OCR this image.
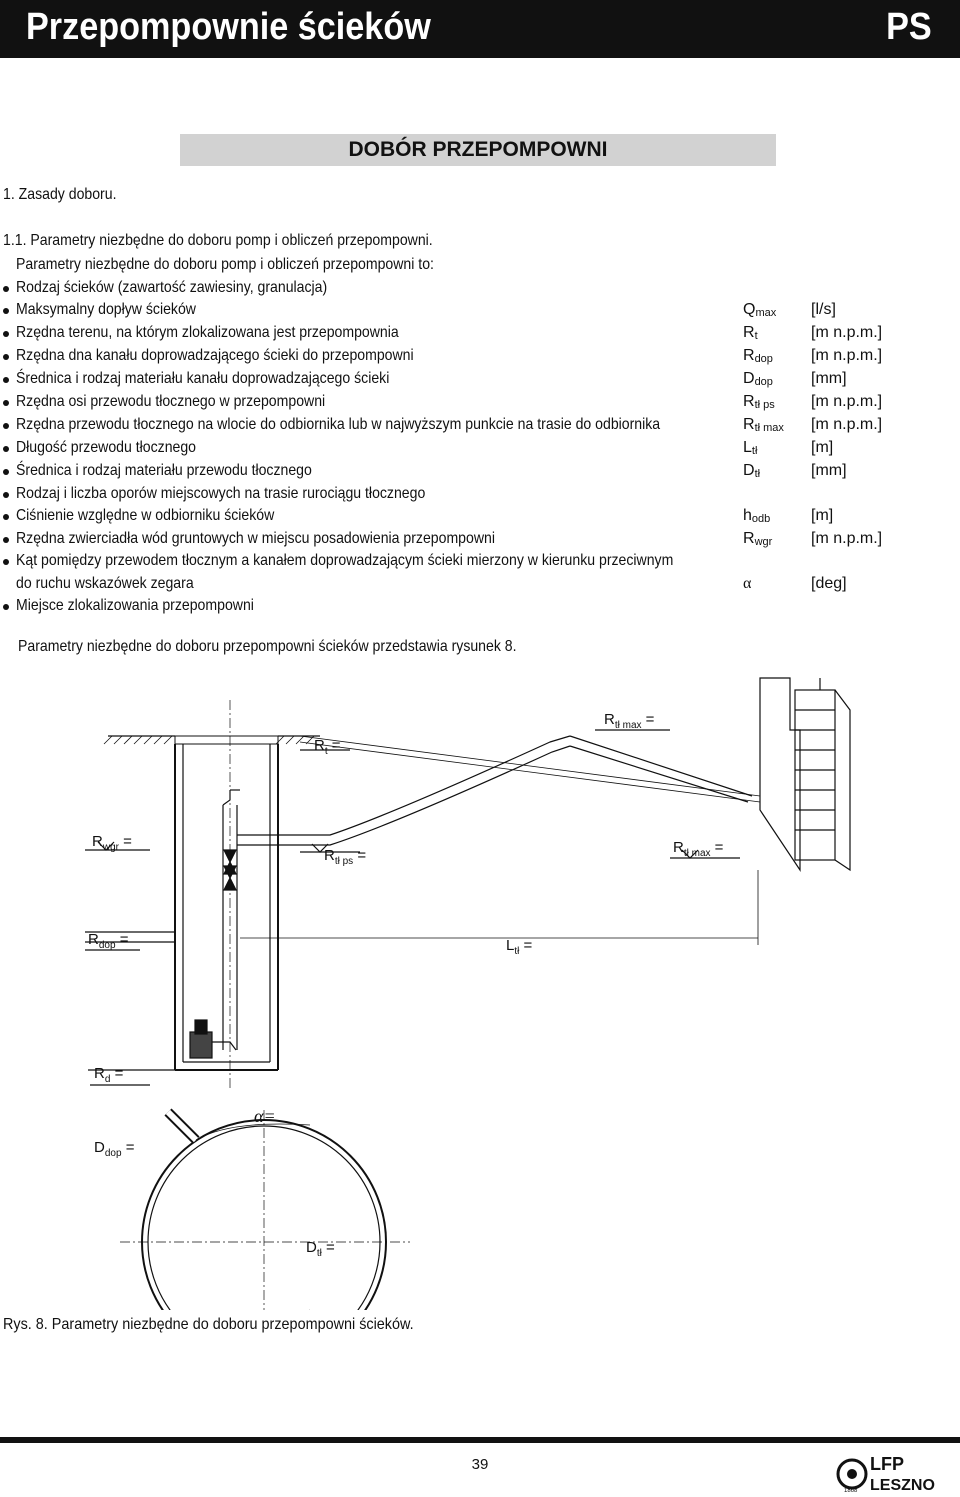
Przepompownie ścieków	PS
DOBÓR PRZEPOMPOWNI
1. Zasady doboru.
1.1. Parametry niezbędne do doboru pomp i obliczeń przepompowni.
Parametry niezbędne do doboru pomp i obliczeń przepompowni to:
Rodzaj ścieków (zawartość zawiesiny, granulacja)
Maksymalny dopływ ścieków	$Q_{max}$ [l/s]
Rzędna terenu, na którym zlokalizowana jest przepompownia	$R_t$	[m n.p.m.]
Rzędna dna kanału doprowadzającego ścieki do przepompowni	$R_{dop}$ [m n.p.m.]
Średnica i rodzaj materiału kanału doprowadzającego ścieki	$D_{dop}$ [mm]
Rzędna osi przewodu tłocznego w przepompowni	$R_{tł ps}$ [m n.p.m.]
Rzędna przewodu tłocznego na wlocie do odbiornika lub w najwyższym punkcie na trasie do odbiornika	$R_{tł max}$ [m n.p.m.]
Długość przewodu tłocznego	$L_{tł}$	[m]
Średnica i rodzaj materiału przewodu tłocznego	$D_{tł}$	[mm]
Rodzaj i liczba oporów miejscowych na trasie rurociągu tłocznego
Ciśnienie względne w odbiorniku ścieków	$h_{odb}$	[m]
Rzędna zwierciadła wód gruntowych w miejscu posadowienia przepompowni	$R_{wgr}$ [m n.p.m.]
Kąt pomiędzy przewodem tłocznym a kanałem doprowadzającym ścieki mierzony w kierunku przeciwnym
do ruchu wskazówek zegara	α	[deg]
Miejsce zlokalizowania przepompowni
Parametry niezbędne do doboru przepompowni ścieków przedstawia rysunek 8.
$R_t$ =
$R_{tł max}$ =
$R_{wgr}$ =
$R_{tł ps}$ =	$R_{tł max}$ =
$R_{dop}$ =	$L_{tł}$ =
$R_d$ =
α=
$D_{dop}$ =
$D_{tł}$ =
Rys. 8. Parametry niezbędne do doboru przepompowni ścieków.
39	LFP
LESZNO
1868
